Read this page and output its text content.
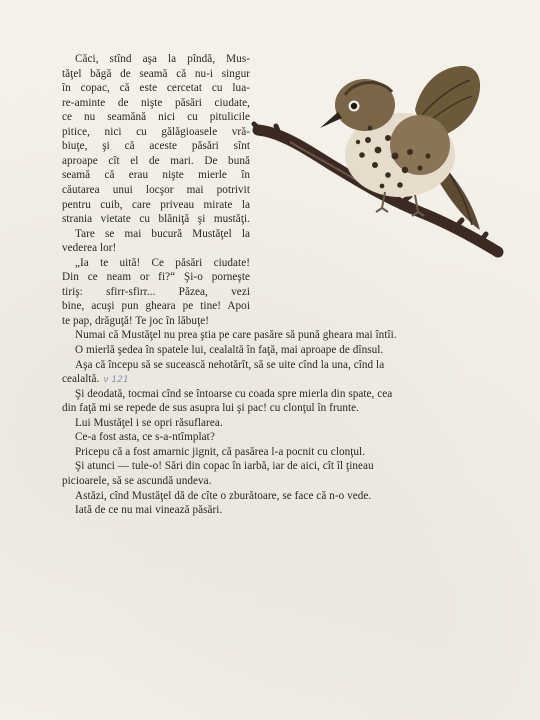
Căci, stînd aşa la pîndă, Mus-
tăţel băgă de seamă că nu-i singur
în copac, că este cercetat cu lua-
re-aminte de nişte păsări ciudate,
ce nu seamănă nici cu pitulicile
pitice, nici cu gălăgioasele vră-
biuţe, şi că aceste păsări sînt
aproape cît el de mari. De bună
seamă că erau nişte mierle în
căutarea unui locşor mai potrivit
pentru cuib, care priveau mirate la
strania vietate cu blăniţă şi mustăţi.
Tare se mai bucură Mustăţel la
vederea lor!
„Ia te uită! Ce păsări ciudate!
Din ce neam or fi?“ Şi-o porneşte
tiriş: sfirr-sfirr... Păzea, vezi
bine, acuşi pun gheara pe tine! Apoi
te pap, drăguţă! Te joc în lăbuţe!
Numai că Mustăţel nu prea ştia pe care pasăre să pună gheara mai întîi.
O mierlă şedea în spatele lui, cealaltă în faţă, mai aproape de dînsul.
Aşa că începu să se sucească nehotărît, să se uite cînd la una, cînd la
cealaltă. ν 121
Şi deodată, tocmai cînd se întoarse cu coada spre mierla din spate, cea
din faţă mi se repede de sus asupra lui şi pac! cu clonţul în frunte.
Lui Mustăţel i se opri răsuflarea.
Ce-a fost asta, ce s-a-ntîmplat?
Pricepu că a fost amarnic jignit, că pasărea l-a pocnit cu clonţul.
Şi atunci — tule-o! Sări din copac în iarbă, iar de aici, cît îl ţineau
picioarele, să se ascundă undeva.
Astăzi, cînd Mustăţel dă de cîte o zburătoare, se face că n-o vede.
Iată de ce nu mai vinează păsări.
